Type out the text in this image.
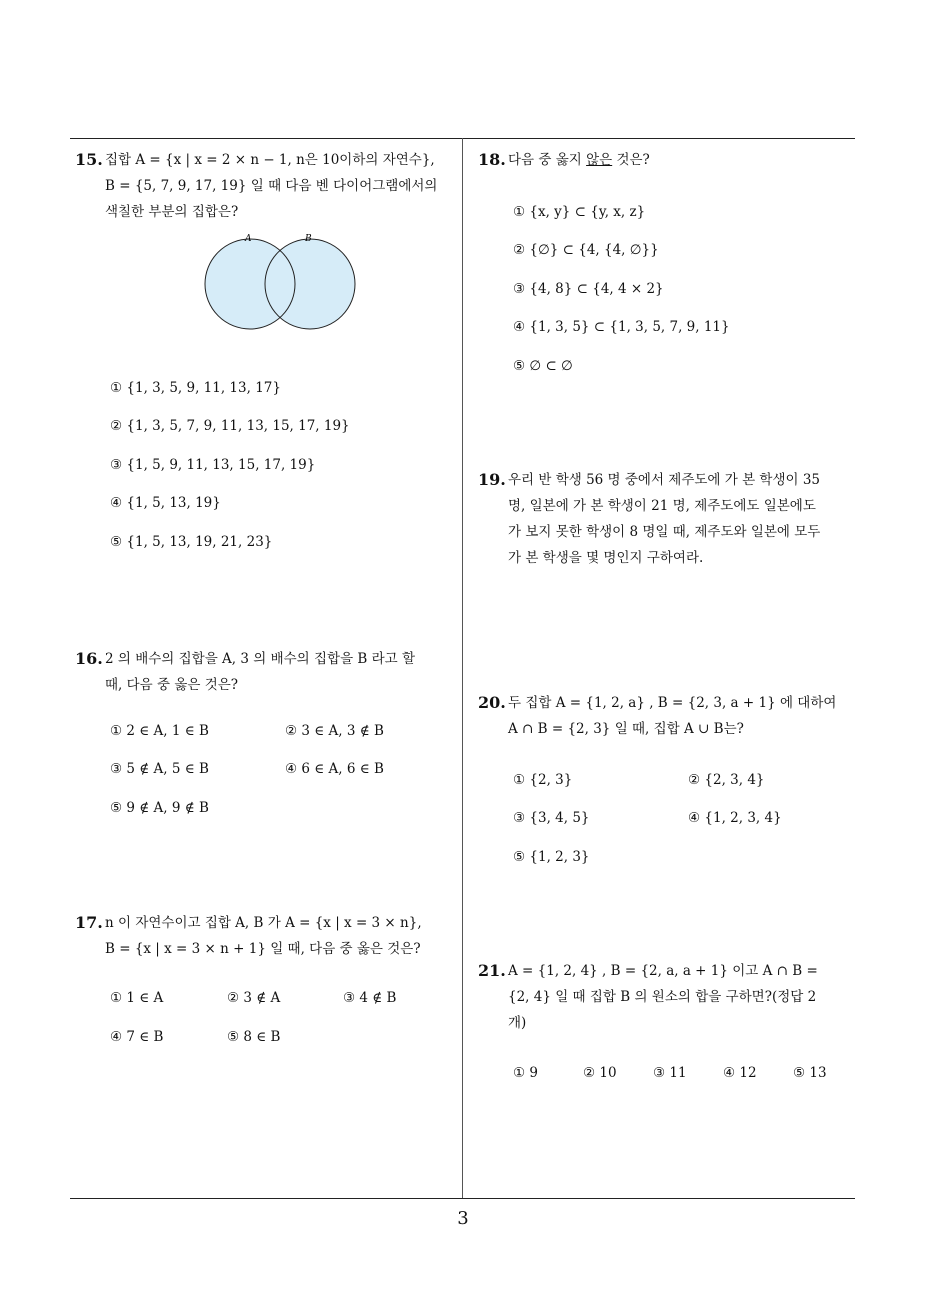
15. 집합 A = {x | x = 2 × n − 1, n은 10이하의 자연수},
B = {5, 7, 9, 17, 19} 일 때 다음 벤 다이어그램에서의
색칠한 부분의 집합은?
A	B
① {1, 3, 5, 9, 11, 13, 17}
② {1, 3, 5, 7, 9, 11, 13, 15, 17, 19}
③ {1, 5, 9, 11, 13, 15, 17, 19}
④ {1, 5, 13, 19}
⑤ {1, 5, 13, 19, 21, 23}
16. 2 의 배수의 집합을 A, 3 의 배수의 집합을 B 라고 할
때, 다음 중 옳은 것은?
① 2 ∈ A, 1 ∈ B	② 3 ∈ A, 3 ∉ B
③ 5 ∉ A, 5 ∈ B	④ 6 ∈ A, 6 ∈ B
⑤ 9 ∉ A, 9 ∉ B
17. n 이 자연수이고 집합 A, B 가 A = {x | x = 3 × n},
B = {x | x = 3 × n + 1} 일 때, 다음 중 옳은 것은?
① 1 ∈ A	② 3 ∉ A	③ 4 ∉ B
④ 7 ∈ B	⑤ 8 ∈ B
18. 다음 중 옳지 않은 것은?
① {x, y} ⊂ {y, x, z}
② {∅} ⊂ {4, {4, ∅}}
③ {4, 8} ⊂ {4, 4 × 2}
④ {1, 3, 5} ⊂ {1, 3, 5, 7, 9, 11}
⑤ ∅ ⊂ ∅
19. 우리 반 학생 56 명 중에서 제주도에 가 본 학생이 35
명, 일본에 가 본 학생이 21 명, 제주도에도 일본에도
가 보지 못한 학생이 8 명일 때, 제주도와 일본에 모두
가 본 학생을 몇 명인지 구하여라.
20. 두 집합 A = {1, 2, a} , B = {2, 3, a + 1} 에 대하여
A ∩ B = {2, 3} 일 때, 집합 A ∪ B는?
① {2, 3}	② {2, 3, 4}
③ {3, 4, 5}	④ {1, 2, 3, 4}
⑤ {1, 2, 3}
21. A = {1, 2, 4} , B = {2, a, a + 1} 이고 A ∩ B =
{2, 4} 일 때 집합 B 의 원소의 합을 구하면?(정답 2
개)
① 9	② 10	③ 11	④ 12	⑤ 13
3
